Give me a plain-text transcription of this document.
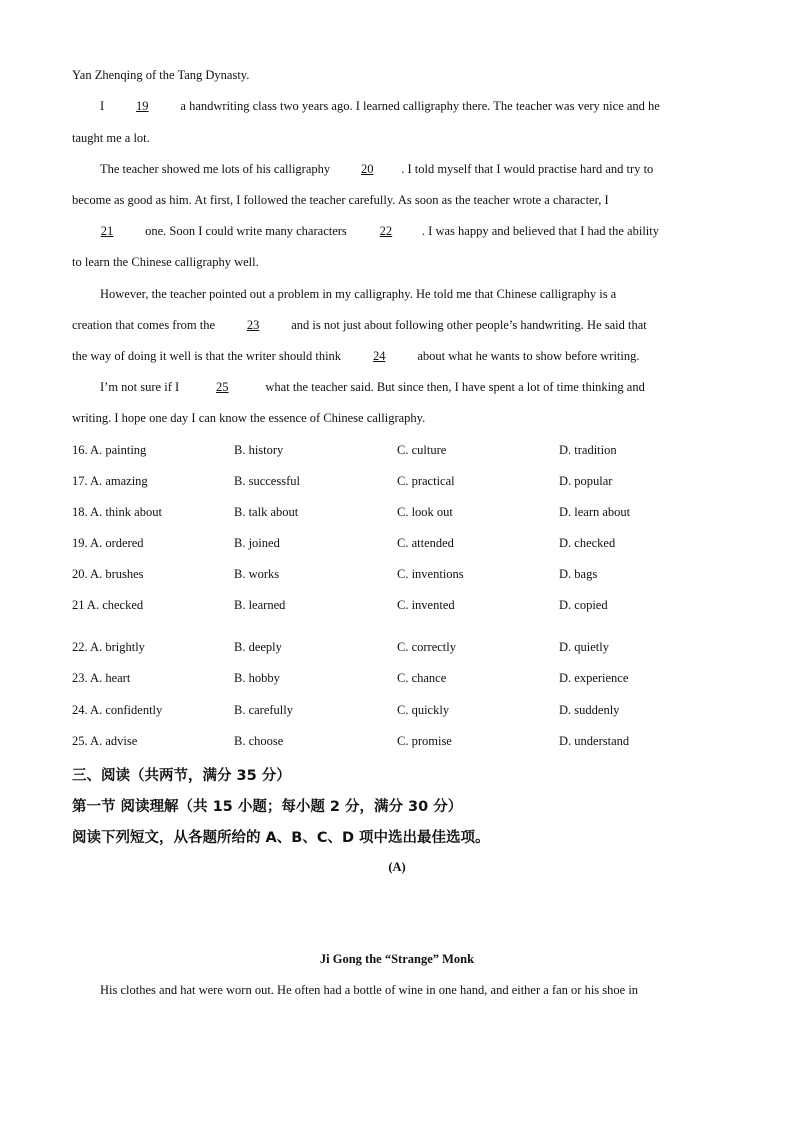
Yan Zhenqing of the Tang Dynasty.
I 19 a handwriting class two years ago. I learned calligraphy there. The teacher was very nice and he
taught me a lot.
The teacher showed me lots of his calligraphy 20 . I told myself that I would practise hard and try to
become as good as him. At first, I followed the teacher carefully. As soon as the teacher wrote a character, I
21 one. Soon I could write many characters 22 . I was happy and believed that I had the ability
to learn the Chinese calligraphy well.
However, the teacher pointed out a problem in my calligraphy. He told me that Chinese calligraphy is a
creation that comes from the 23 and is not just about following other people’s handwriting. He said that
the way of doing it well is that the writer should think 24 about what he wants to show before writing.
I’m not sure if I	25	what the teacher said. But since then, I have spent a lot of time thinking and
writing. I hope one day I can know the essence of Chinese calligraphy.
16. A. painting	B. history	C. culture	D. tradition
17. A. amazing	B. successful	C. practical	D. popular
18. A. think about	B. talk about	C. look out	D. learn about
19. A. ordered	B. joined	C. attended	D. checked
20. A. brushes	B. works	C. inventions	D. bags
21 A. checked	B. learned	C. invented	D. copied
22. A. brightly	B. deeply	C. correctly	D. quietly
23. A. heart	B. hobby	C. chance	D. experience
24. A. confidently	B. carefully	C. quickly	D. suddenly
25. A. advise	B. choose	C. promise	D. understand
三、阅读（共两节，满分 35 分）
第一节 阅读理解（共 15 小题；每小题 2 分，满分 30 分）
阅读下列短文，从各题所给的 A、B、C、D 项中选出最佳选项。
(A)
Ji Gong the “Strange” Monk
His clothes and hat were worn out. He often had a bottle of wine in one hand, and either a fan or his shoe in
